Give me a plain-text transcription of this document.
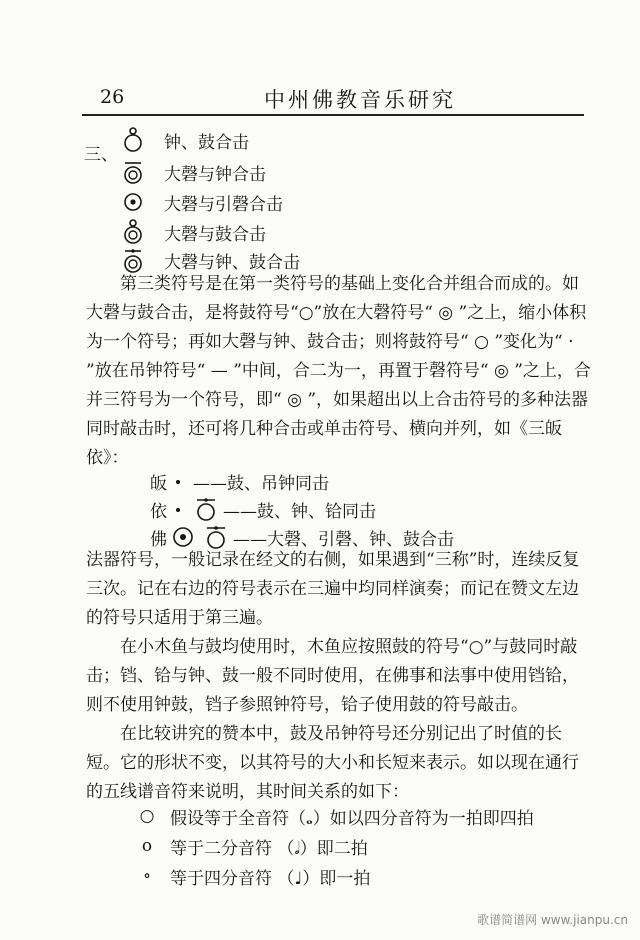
26	中州佛教音乐研究
三、
钟、鼓合击
大磬与钟合击
大磬与引磬合击
大磬与鼓合击
大磬与钟、鼓合击

第三类符号是在第一类符号的基础上变化合并组合而成的。如大磬与鼓合击，是将鼓符号“○”放在大磬符号“ ◎ ”之上，缩小体积为一个符号；再如大磬与钟、鼓合击；则将鼓符号“ ○ ”变化为“ · ”放在吊钟符号“ — ”中间，合二为一，再置于磬符号“ ◎ ”之上，合并三符号为一个符号，即“ ◎ ”，如果超出以上合击符号的多种法器同时敲击时，还可将几种合击或单击符号、横向并列，如《三皈依》：

皈 ——鼓、吊钟同击
依	——鼓、钟、铪同击
佛	——大磬、引磬、钟、鼓合击

法器符号，一般记录在经文的右侧，如果遇到“三称”时，连续反复三次。记在右边的符号表示在三遍中均同样演奏；而记在赞文左边的符号只适用于第三遍。

在小木鱼与鼓均使用时，木鱼应按照鼓的符号“○”与鼓同时敲击；铛、铪与钟、鼓一般不同时使用，在佛事和法事中使用铛铪，则不使用钟鼓，铛子参照钟符号，铪子使用鼓的符号敲击。

在比较讲究的赞本中，鼓及吊钟符号还分别记出了时值的长短。它的形状不变，以其符号的大小和长短来表示。如以现在通行的五线谱音符来说明，其时间关系的如下：

○ 假设等于全音符（𝅝）如以四分音符为一拍即四拍
o	等于二分音符 （𝅗𝅥）即二拍
∘	等于四分音符 （♩）即一拍
歌谱简谱网 www.jianpu.cn
